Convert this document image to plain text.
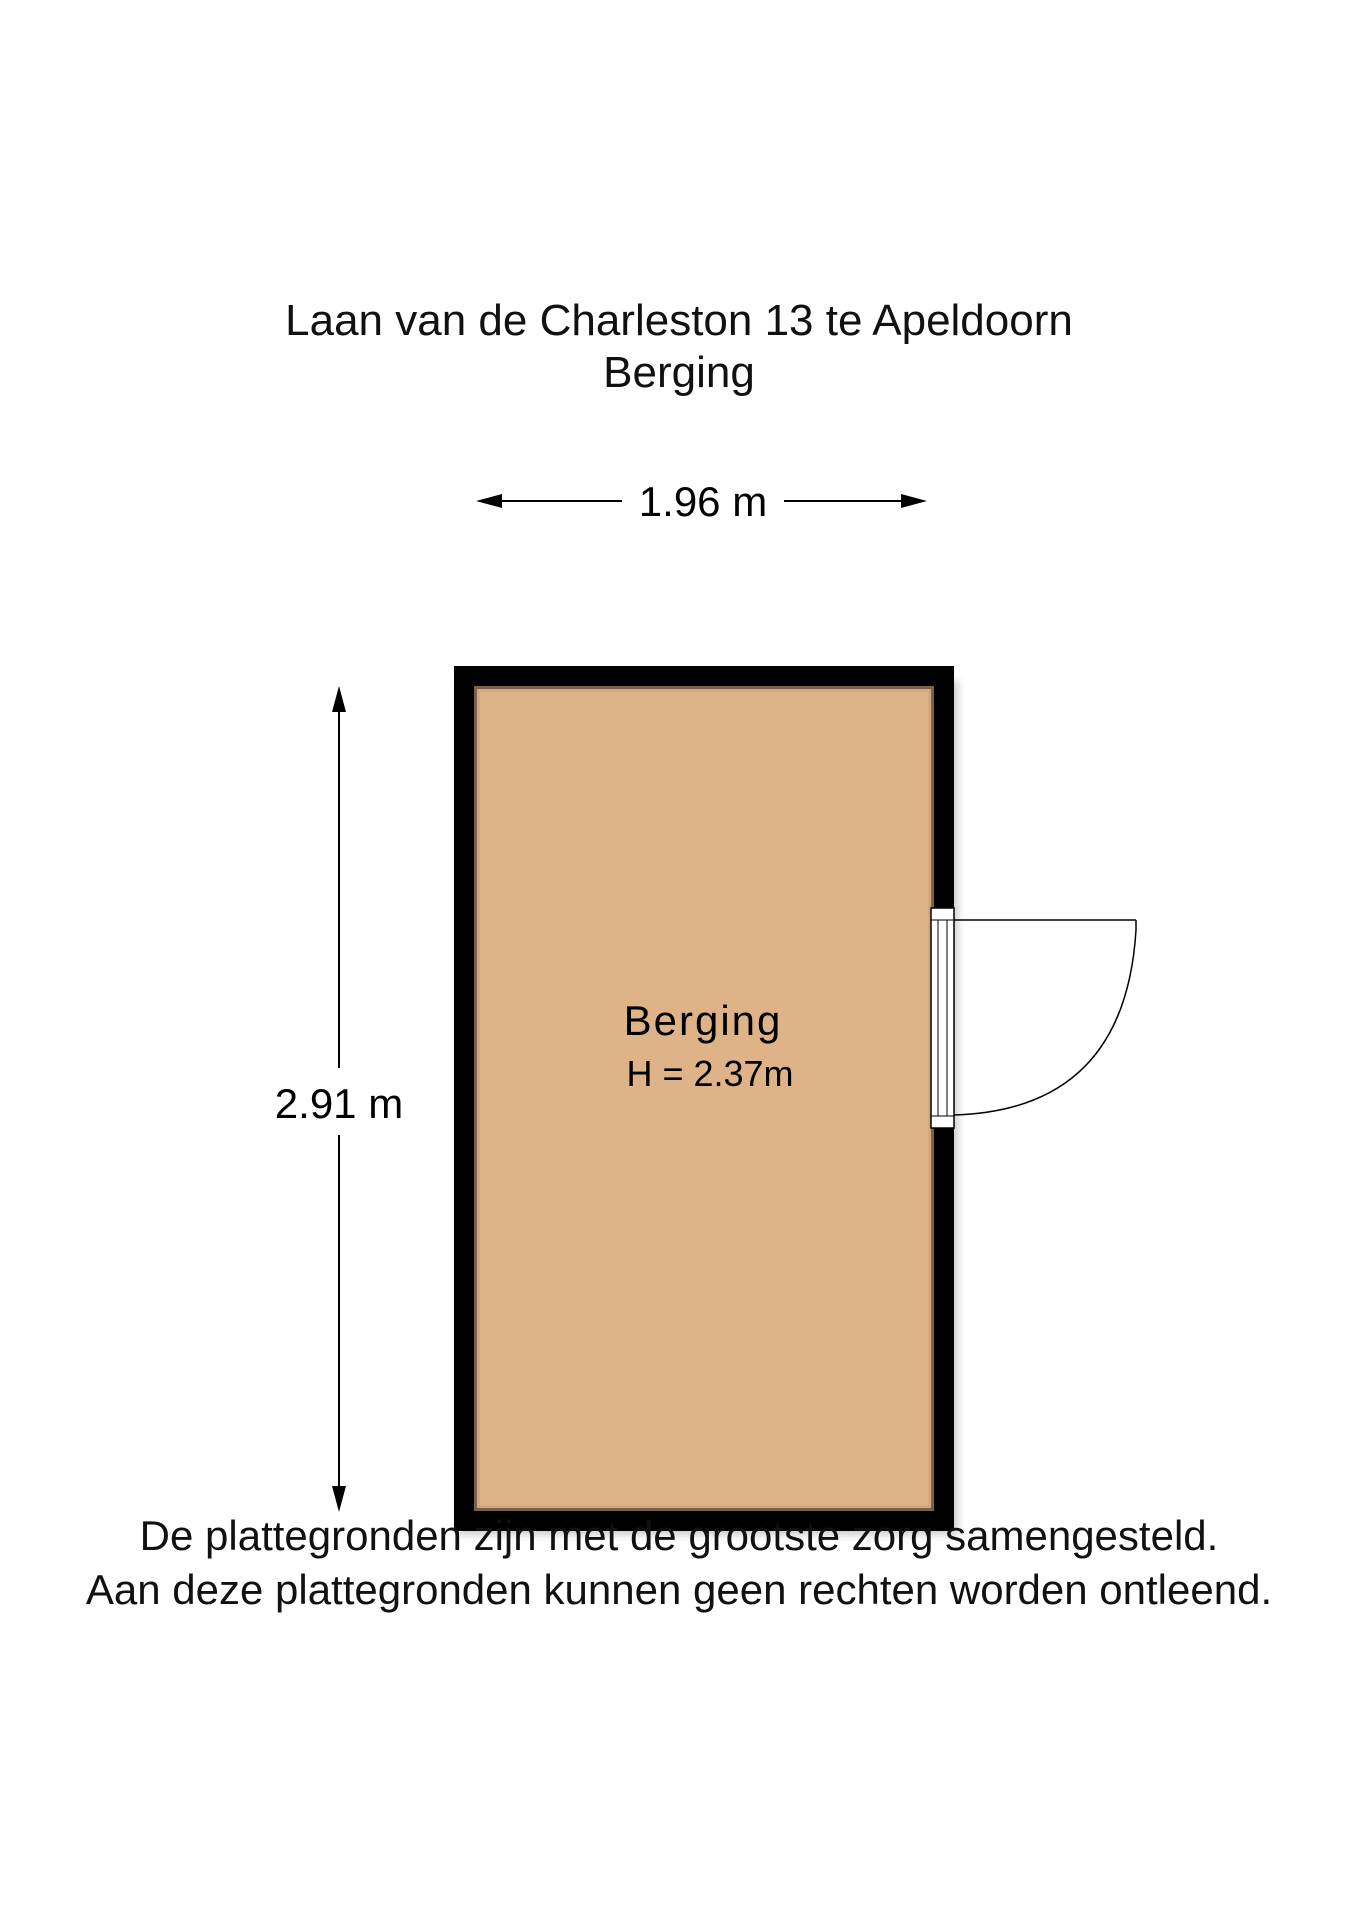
Laan van de Charleston 13 te Apeldoorn
Berging
1.96 m
2.91 m
Berging
H = 2.37m
De plattegronden zijn met de grootste zorg samengesteld.
Aan deze plattegronden kunnen geen rechten worden ontleend.
